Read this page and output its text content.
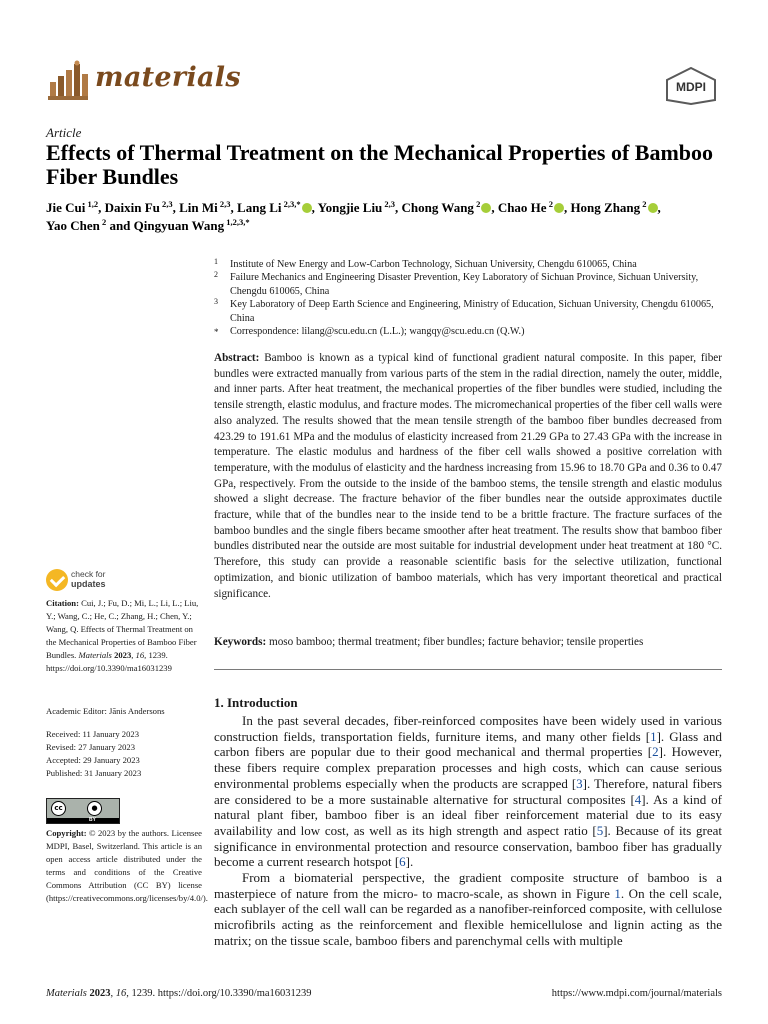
materials	MDPI
Article
Effects of Thermal Treatment on the Mechanical Properties of Bamboo Fiber Bundles
Jie Cui $^{1,2}$, Daixin Fu $^{2,3}$, Lin Mi $^{2,3}$, Lang Li $^{2,3,*}$ , Yongjie Liu $^{2,3}$, Chong Wang $^2$ , Chao He $^2$ , Hong Zhang $^2$ ,
Yao Chen $^2$ and Qingyuan Wang $^{1,2,3,*}$
1 Institute of New Energy and Low-Carbon Technology, Sichuan University, Chengdu 610065, China
2 Failure Mechanics and Engineering Disaster Prevention, Key Laboratory of Sichuan Province, Sichuan University, Chengdu 610065, China
3 Key Laboratory of Deep Earth Science and Engineering, Ministry of Education, Sichuan University, Chengdu 610065, China
* Correspondence: lilang@scu.edu.cn (L.L.); wangqy@scu.edu.cn (Q.W.)
Abstract: Bamboo is known as a typical kind of functional gradient natural composite. In this paper, fiber bundles were extracted manually from various parts of the stem in the radial direction, namely the outer, middle, and inner parts. After heat treatment, the mechanical properties of the fiber bundles were studied, including the tensile strength, elastic modulus, and fracture modes. The micromechanical properties of the fiber cell walls were also analyzed. The results showed that the mean tensile strength of the bamboo fiber bundles decreased from 423.29 to 191.61 MPa and the modulus of elasticity increased from 21.29 GPa to 27.43 GPa with the increase in temperature. The elastic modulus and hardness of the fiber cell walls showed a positive correlation with temperature, with the modulus of elasticity and the hardness increasing from 15.96 to 18.70 GPa and 0.36 to 0.47 GPa, respectively. From the outside to the inside of the bamboo stems, the tensile strength and elastic modulus showed a slight decrease. The fracture behavior of the fiber bundles near the outside approximates ductile fracture, while that of the bundles near to the inside tend to be a brittle fracture. The fracture surfaces of the bamboo bundles and the single fibers became smoother after heat treatment. The results show that bamboo fiber bundles distributed near the outside are most suitable for industrial development under heat treatment at 180 °C. Therefore, this study can provide a reasonable scientific basis for the selective utilization, functional optimization, and bionic utilization of bamboo materials, which has very important theoretical and practical significance.
Keywords: moso bamboo; thermal treatment; fiber bundles; facture behavior; tensile properties
check for
updates
Citation: Cui, J.; Fu, D.; Mi, L.; Li, L.; Liu, Y.; Wang, C.; He, C.; Zhang, H.; Chen, Y.; Wang, Q. Effects of Thermal Treatment on the Mechanical Properties of Bamboo Fiber Bundles. Materials 2023, 16, 1239. https://doi.org/10.3390/ma16031239
Academic Editor: Jānis Andersons
Received: 11 January 2023
Revised: 27 January 2023
Accepted: 29 January 2023
Published: 31 January 2023
cc	●
BY
Copyright: © 2023 by the authors. Licensee MDPI, Basel, Switzerland. This article is an open access article distributed under the terms and conditions of the Creative Commons Attribution (CC BY) license (https://creativecommons.org/licenses/by/4.0/).
1. Introduction

In the past several decades, fiber-reinforced composites have been widely used in various construction fields, transportation fields, furniture items, and many other fields [1]. Glass and carbon fibers are popular due to their good mechanical and thermal properties [2]. However, these fibers require complex preparation processes and high costs, which can cause serious environmental problems especially when the products are scrapped [3]. Therefore, natural fibers are considered to be a more sustainable alternative for structural composites [4]. As a kind of natural plant fiber, bamboo fiber is an ideal fiber reinforcement material due to its easy availability and low cost, as well as its high strength and aspect ratio [5]. Because of its great significance in environmental protection and resource conservation, bamboo fiber has gradually become a current research hotspot [6].

From a biomaterial perspective, the gradient composite structure of bamboo is a masterpiece of nature from the micro- to macro-scale, as shown in Figure 1. On the cell scale, each sublayer of the cell wall can be regarded as a nanofiber-reinforced composite, with cellulose microfibrils acting as the reinforcement and flexible hemicellulose and lignin acting as the matrix; on the tissue scale, bamboo fibers and parenchymal cells with multiple

Materials 2023, 16, 1239. https://doi.org/10.3390/ma16031239	https://www.mdpi.com/journal/materials
